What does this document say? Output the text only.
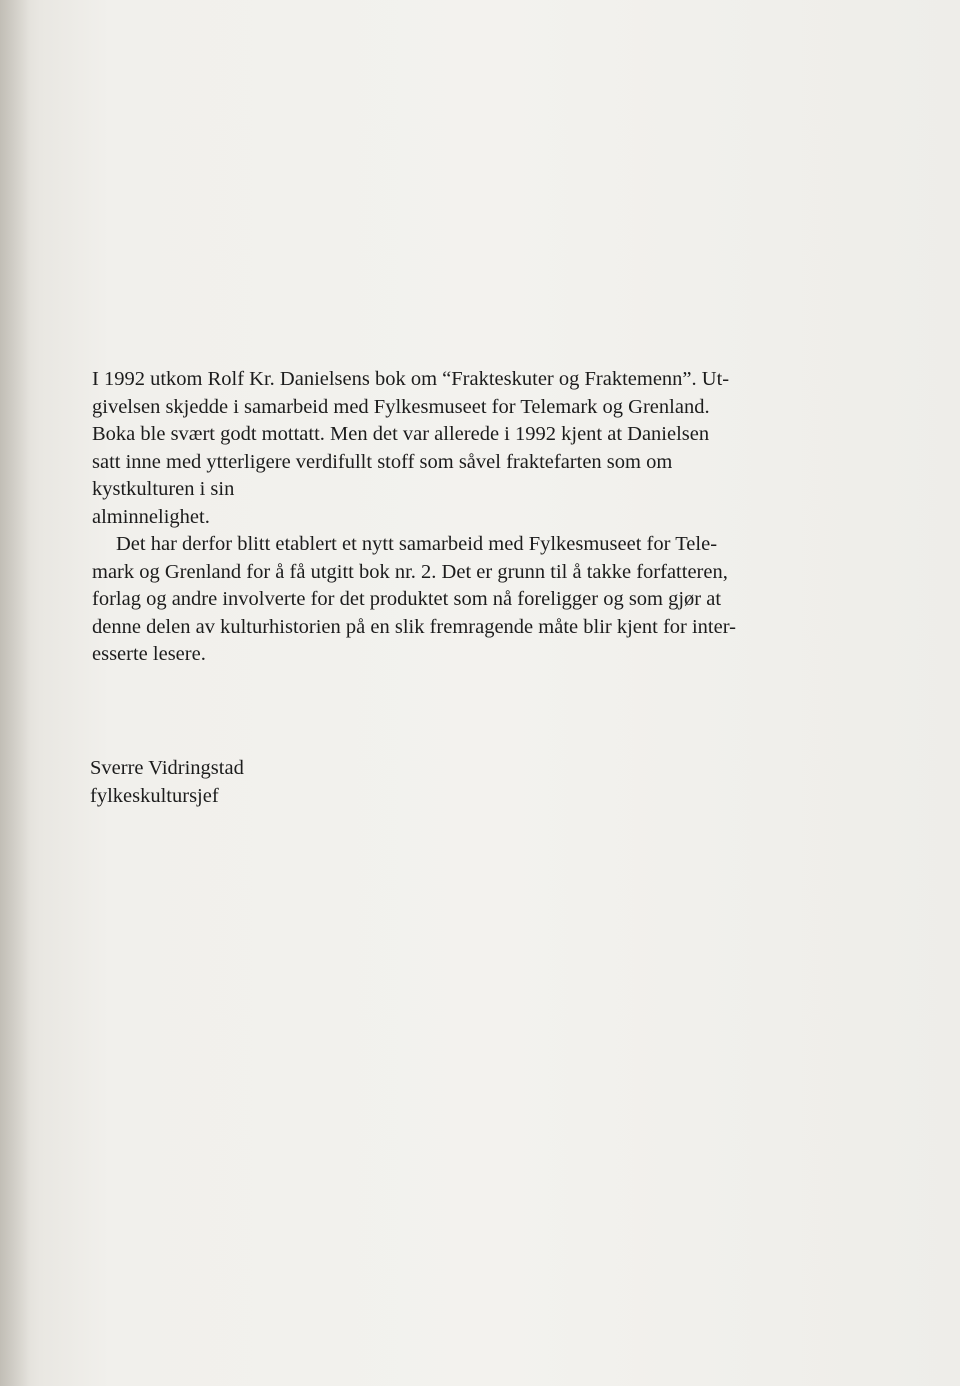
I 1992 utkom Rolf Kr. Danielsens bok om “Frakteskuter og Fraktemenn”. Ut-
givelsen skjedde i samarbeid med Fylkesmuseet for Telemark og Grenland.
Boka ble svært godt mottatt. Men det var allerede i 1992 kjent at Danielsen
satt inne med ytterligere verdifullt stoff som såvel fraktefarten som om
kystkulturen i sin
alminnelighet.

Det har derfor blitt etablert et nytt samarbeid med Fylkesmuseet for Tele-
mark og Grenland for å få utgitt bok nr. 2. Det er grunn til å takke forfatteren,
forlag og andre involverte for det produktet som nå foreligger og som gjør at
denne delen av kulturhistorien på en slik fremragende måte blir kjent for inter-
esserte lesere.

Sverre Vidringstad
fylkeskultursjef
